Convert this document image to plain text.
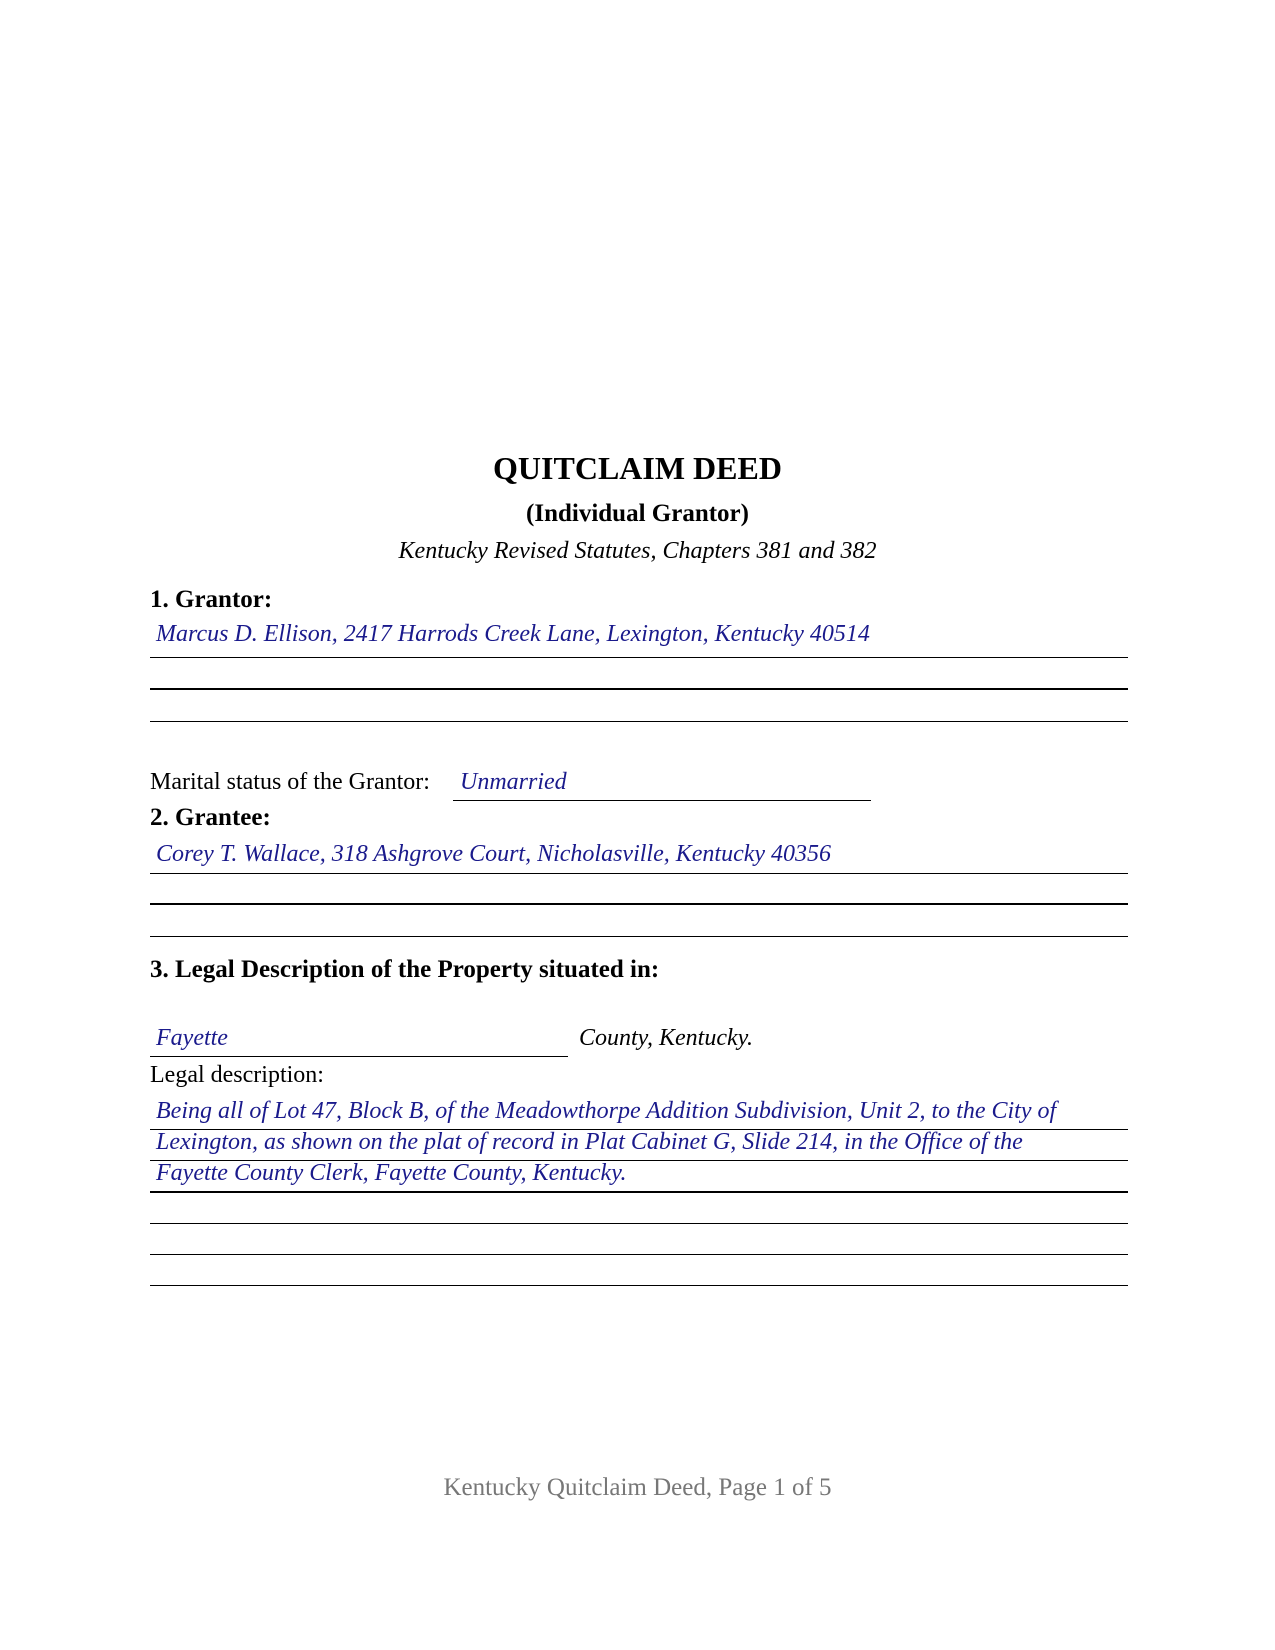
QUITCLAIM DEED
(Individual Grantor)
Kentucky Revised Statutes, Chapters 381 and 382
1. Grantor:
Marcus D. Ellison, 2417 Harrods Creek Lane, Lexington, Kentucky 40514
Marital status of the Grantor: Unmarried
2. Grantee:
Corey T. Wallace, 318 Ashgrove Court, Nicholasville, Kentucky 40356
3. Legal Description of the Property situated in:
Fayette	County, Kentucky.
Legal description:
Being all of Lot 47, Block B, of the Meadowthorpe Addition Subdivision, Unit 2, to the City of
Lexington, as shown on the plat of record in Plat Cabinet G, Slide 214, in the Office of the
Fayette County Clerk, Fayette County, Kentucky.
Kentucky Quitclaim Deed, Page 1 of 5
